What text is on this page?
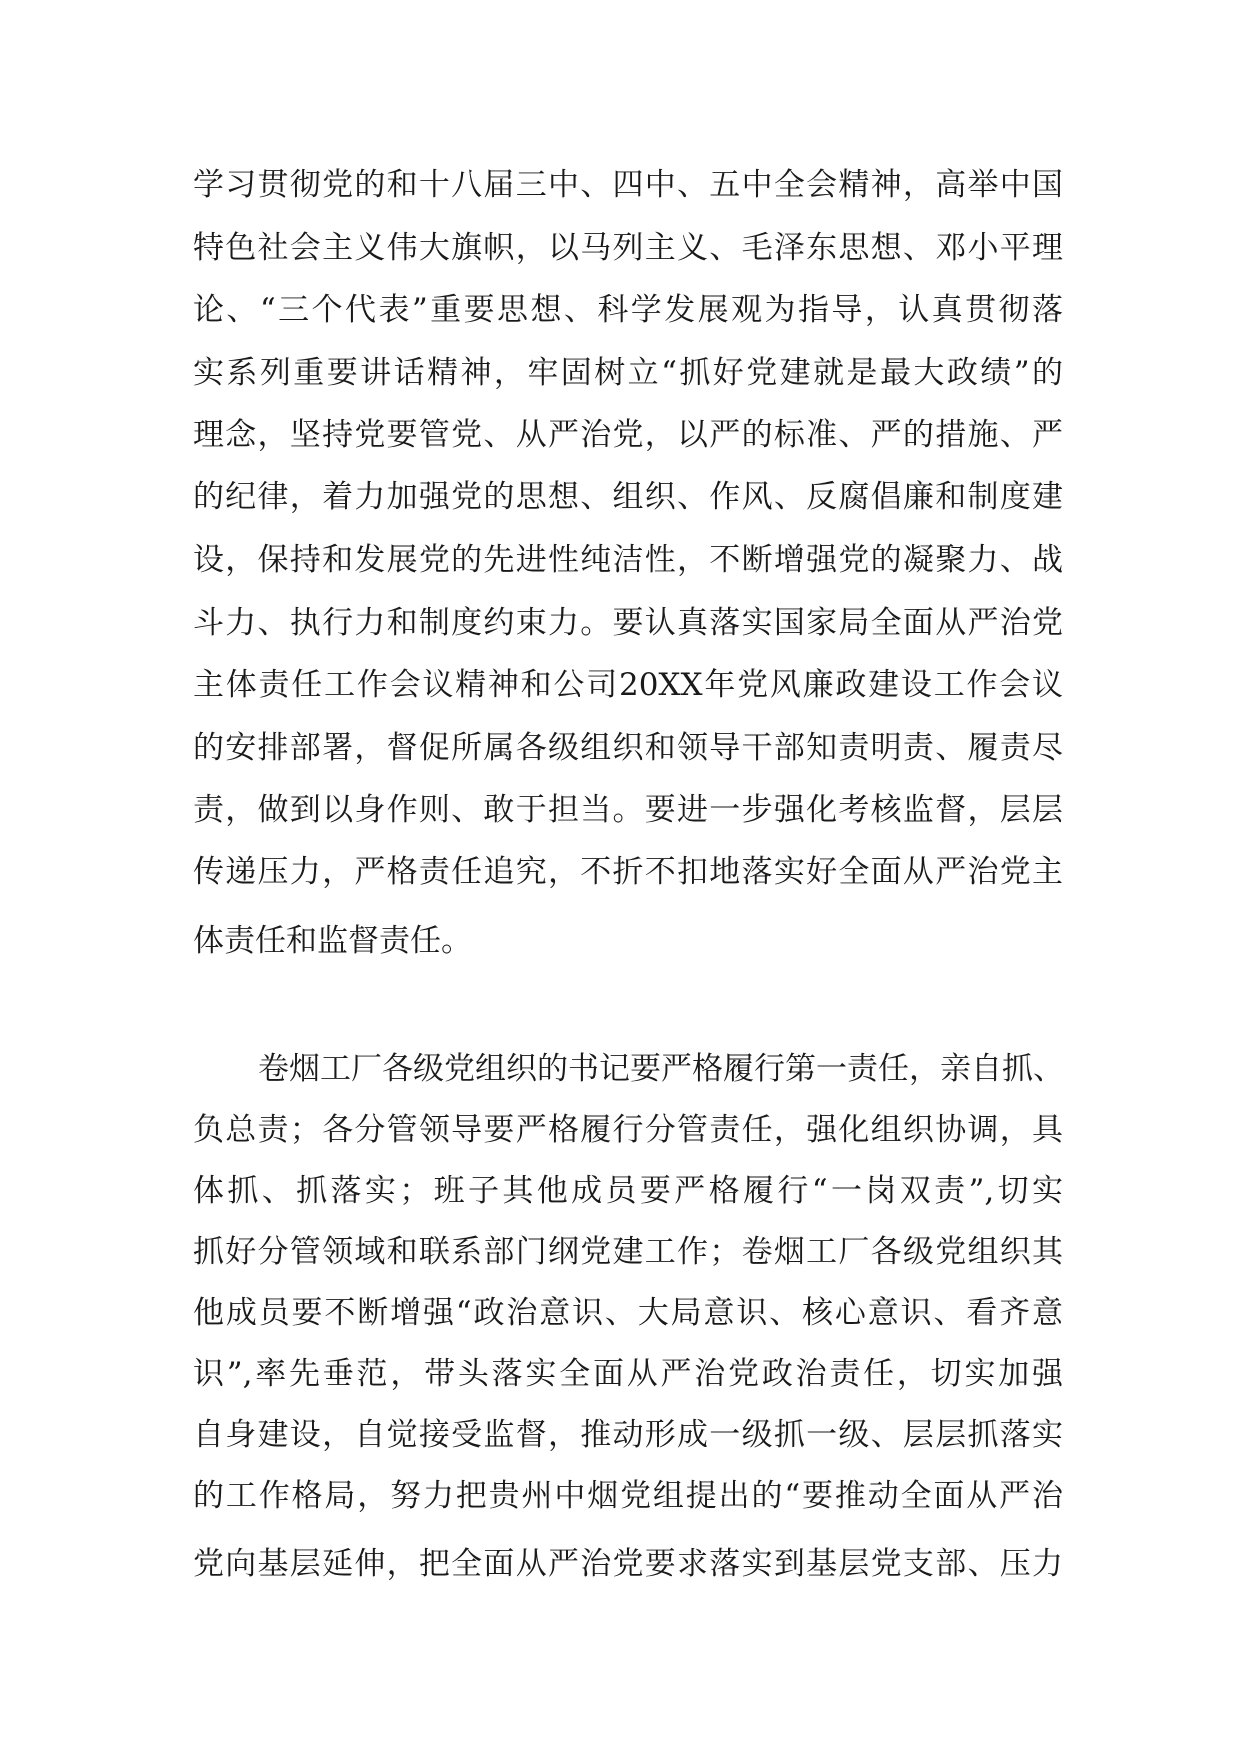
学习贯彻党的和十八届三中、四中、五中全会精神，高举中国

特色社会主义伟大旗帜，以马列主义、毛泽东思想、邓小平理

论、“三个代表”重要思想、科学发展观为指导，认真贯彻落

实系列重要讲话精神，牢固树立“抓好党建就是最大政绩”的

理念，坚持党要管党、从严治党，以严的标准、严的措施、严

的纪律，着力加强党的思想、组织、作风、反腐倡廉和制度建

设，保持和发展党的先进性纯洁性，不断增强党的凝聚力、战

斗力、执行力和制度约束力。要认真落实国家局全面从严治党

主体责任工作会议精神和公司20XX年党风廉政建设工作会议

的安排部署，督促所属各级组织和领导干部知责明责、履责尽

责，做到以身作则、敢于担当。要进一步强化考核监督，层层

传递压力，严格责任追究，不折不扣地落实好全面从严治党主

体责任和监督责任。

卷烟工厂各级党组织的书记要严格履行第一责任，亲自抓、

负总责；各分管领导要严格履行分管责任，强化组织协调，具

体抓、抓落实；班子其他成员要严格履行“一岗双责”,切实

抓好分管领域和联系部门纲党建工作；卷烟工厂各级党组织其

他成员要不断增强“政治意识、大局意识、核心意识、看齐意

识”,率先垂范，带头落实全面从严治党政治责任，切实加强

自身建设，自觉接受监督，推动形成一级抓一级、层层抓落实

的工作格局，努力把贵州中烟党组提出的“要推动全面从严治

党向基层延伸，把全面从严治党要求落实到基层党支部、压力
